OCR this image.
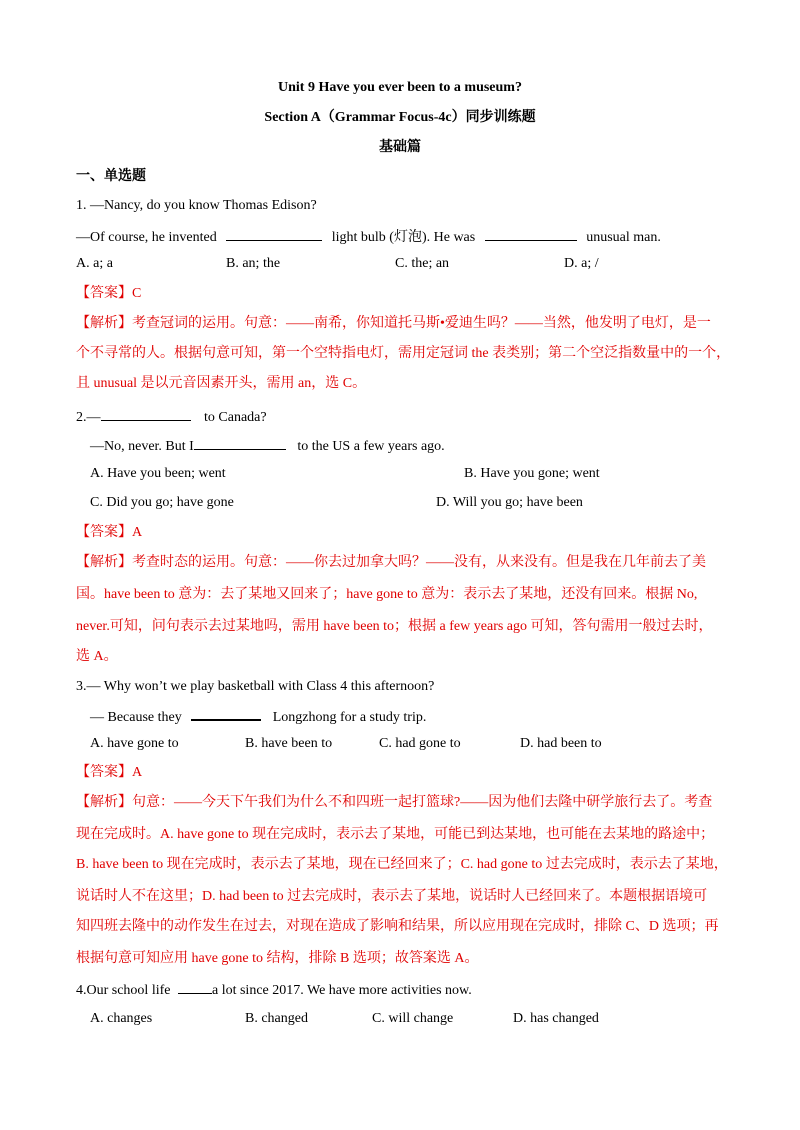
Unit 9 Have you ever been to a museum?
Section A（Grammar Focus-4c）同步训练题
基础篇
一、单选题
1. —Nancy, do you know Thomas Edison?
—Of course, he invented	light bulb (灯泡). He was	unusual man.
A. a; a	B. an; the	C. the; an	D. a; /
【答案】C
【解析】考查冠词的运用。句意：——南希，你知道托马斯•爱迪生吗？——当然，他发明了电灯，是一
个不寻常的人。根据句意可知，第一个空特指电灯，需用定冠词 the 表类别；第二个空泛指数量中的一个，
且 unusual 是以元音因素开头，需用 an，选 C。
2.—	to Canada?
—No, never. But I	to the US a few years ago.
A. Have you been; went	B. Have you gone; went
C. Did you go; have gone	D. Will you go; have been
【答案】A
【解析】考查时态的运用。句意：——你去过加拿大吗？——没有，从来没有。但是我在几年前去了美
国。have been to 意为：去了某地又回来了；have gone to 意为：表示去了某地，还没有回来。根据 No,
never.可知，问句表示去过某地吗，需用 have been to；根据 a few years ago 可知，答句需用一般过去时，
选 A。
3.— Why won’t we play basketball with Class 4 this afternoon?
— Because they	Longzhong for a study trip.
A. have gone to	B. have been to	C. had gone to	D. had been to
【答案】A
【解析】句意：——今天下午我们为什么不和四班一起打篮球?——因为他们去隆中研学旅行去了。考查
现在完成时。A. have gone to 现在完成时，表示去了某地，可能已到达某地，也可能在去某地的路途中；
B. have been to 现在完成时，表示去了某地，现在已经回来了；C. had gone to 过去完成时，表示去了某地，
说话时人不在这里；D. had been to 过去完成时，表示去了某地，说话时人已经回来了。本题根据语境可
知四班去隆中的动作发生在过去，对现在造成了影响和结果，所以应用现在完成时，排除 C、D 选项；再
根据句意可知应用 have gone to 结构，排除 B 选项；故答案选 A。
4.Our school life	a lot since 2017. We have more activities now.
A. changes	B. changed	C. will change	D. has changed
